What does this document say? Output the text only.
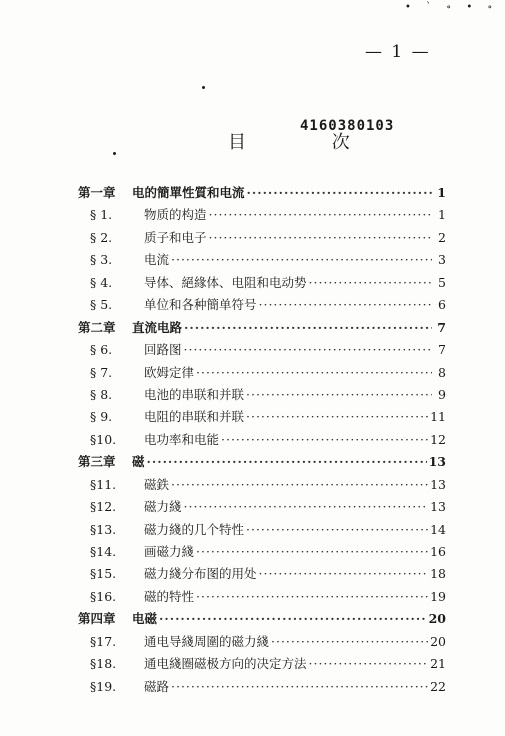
• ` ∘ • ∘
— 1 —
4160380103
目 次
第一章	电的簡單性質和电流 ·····	1
§ 1.	物质的构造 ·····	1
§ 2.	质子和电子 ·····	2
§ 3.	电流 ·····	3
§ 4.	导体、絕緣体、电阻和电动势 ·····	5
§ 5.	单位和各种簡单符号 ·····	6
第二章	直流电路 ·····	7
§ 6.	回路图 ·····	7
§ 7.	欧姆定律 ·····	8
§ 8.	电池的串联和并联 ·····	9
§ 9.	电阻的串联和并联 ·····	11
§10.	电功率和电能 ·····	12
第三章	磁 ·····	13
§11.	磁鉄 ·····	13
§12.	磁力綫 ·····	13
§13.	磁力綫的几个特性 ·····	14
§14.	画磁力綫 ·····	16
§15.	磁力綫分布图的用处 ·····	18
§16.	磁的特性 ·····	19
第四章	电磁 ·····	20
§17.	通电导綫周圍的磁力綫 ·····	20
§18.	通电綫圈磁极方向的决定方法 ·····	21
§19.	磁路 ·····	22
